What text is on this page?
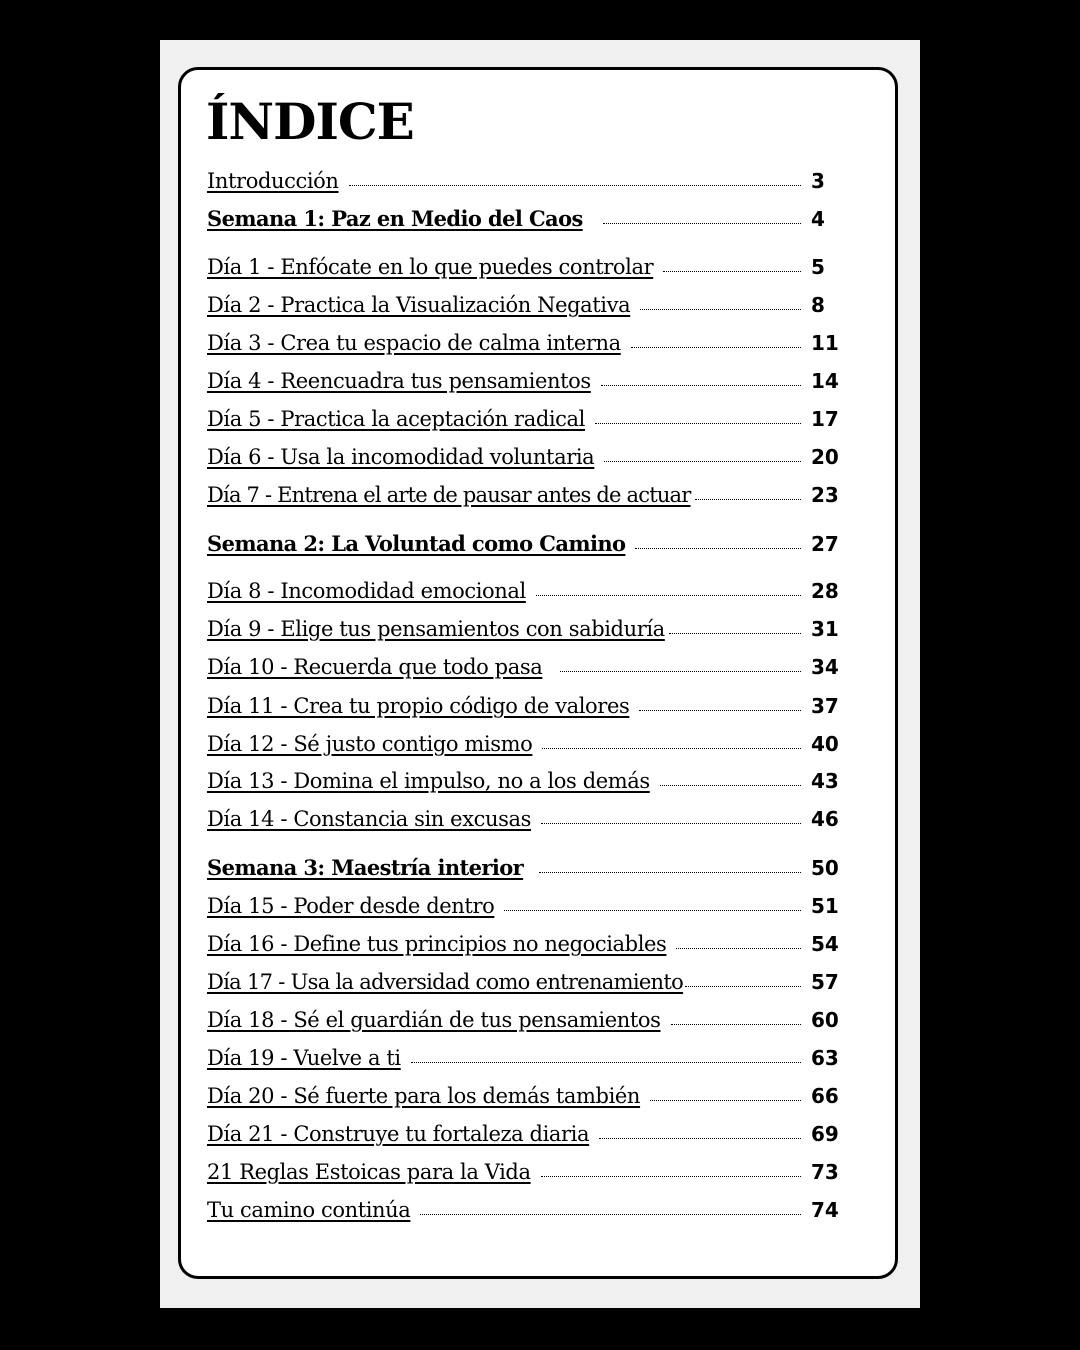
ÍNDICE
Introducción	3
Semana 1: Paz en Medio del Caos	4
Día 1 - Enfócate en lo que puedes controlar	5
Día 2 - Practica la Visualización Negativa	8
Día 3 - Crea tu espacio de calma interna	11
Día 4 - Reencuadra tus pensamientos	14
Día 5 - Practica la aceptación radical	17
Día 6 - Usa la incomodidad voluntaria	20
Día 7 - Entrena el arte de pausar antes de actuar	23
Semana 2: La Voluntad como Camino	27
Día 8 - Incomodidad emocional	28
Día 9 - Elige tus pensamientos con sabiduría	31
Día 10 - Recuerda que todo pasa	34
Día 11 - Crea tu propio código de valores	37
Día 12 - Sé justo contigo mismo	40
Día 13 - Domina el impulso, no a los demás	43
Día 14 - Constancia sin excusas	46
Semana 3: Maestría interior	50
Día 15 - Poder desde dentro	51
Día 16 - Define tus principios no negociables	54
Día 17 - Usa la adversidad como entrenamiento	57
Día 18 - Sé el guardián de tus pensamientos	60
Día 19 - Vuelve a ti	63
Día 20 - Sé fuerte para los demás también	66
Día 21 - Construye tu fortaleza diaria	69
21 Reglas Estoicas para la Vida	73
Tu camino continúa	74
